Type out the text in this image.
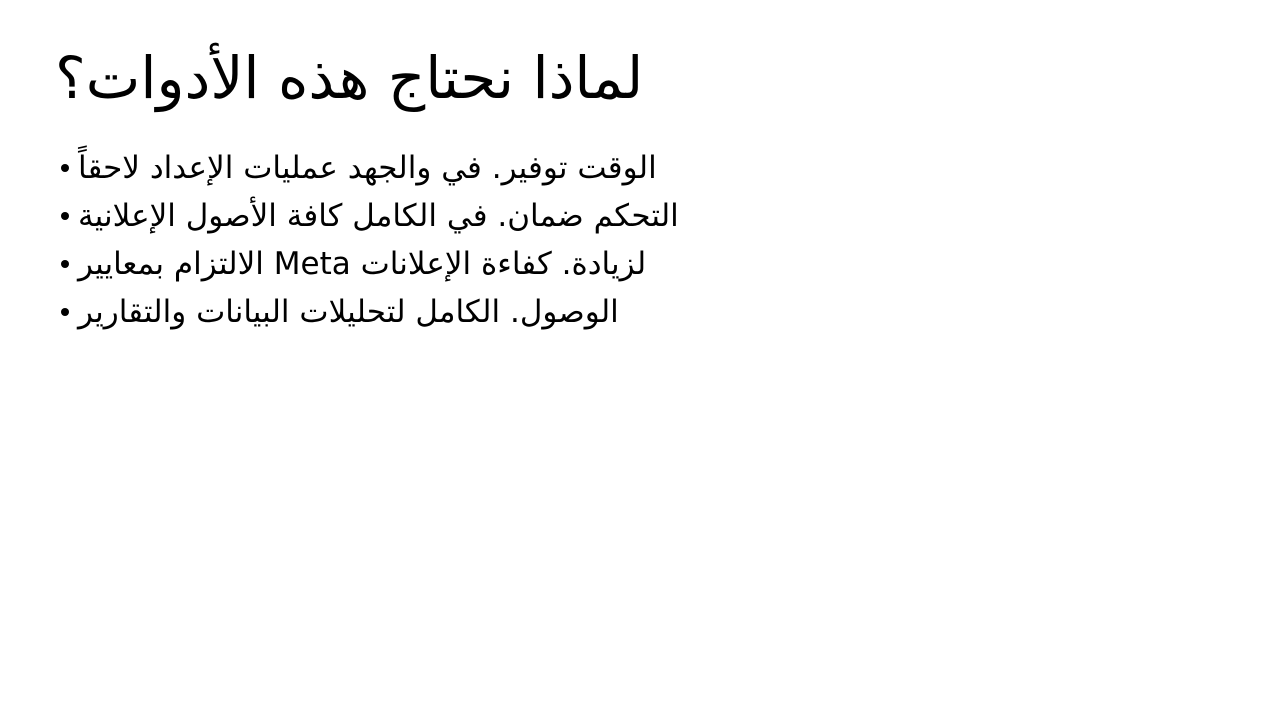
لماذا نحتاج هذه الأدوات؟
لاحقاً الإعداد عمليات والجهد في .توفير الوقت
الإعلانية الأصول كافة الكامل في .ضمان التحكم
بمعايير الالتزام Meta الإعلانات كفاءة .لزيادة
والتقارير البيانات لتحليلات الكامل .الوصول
